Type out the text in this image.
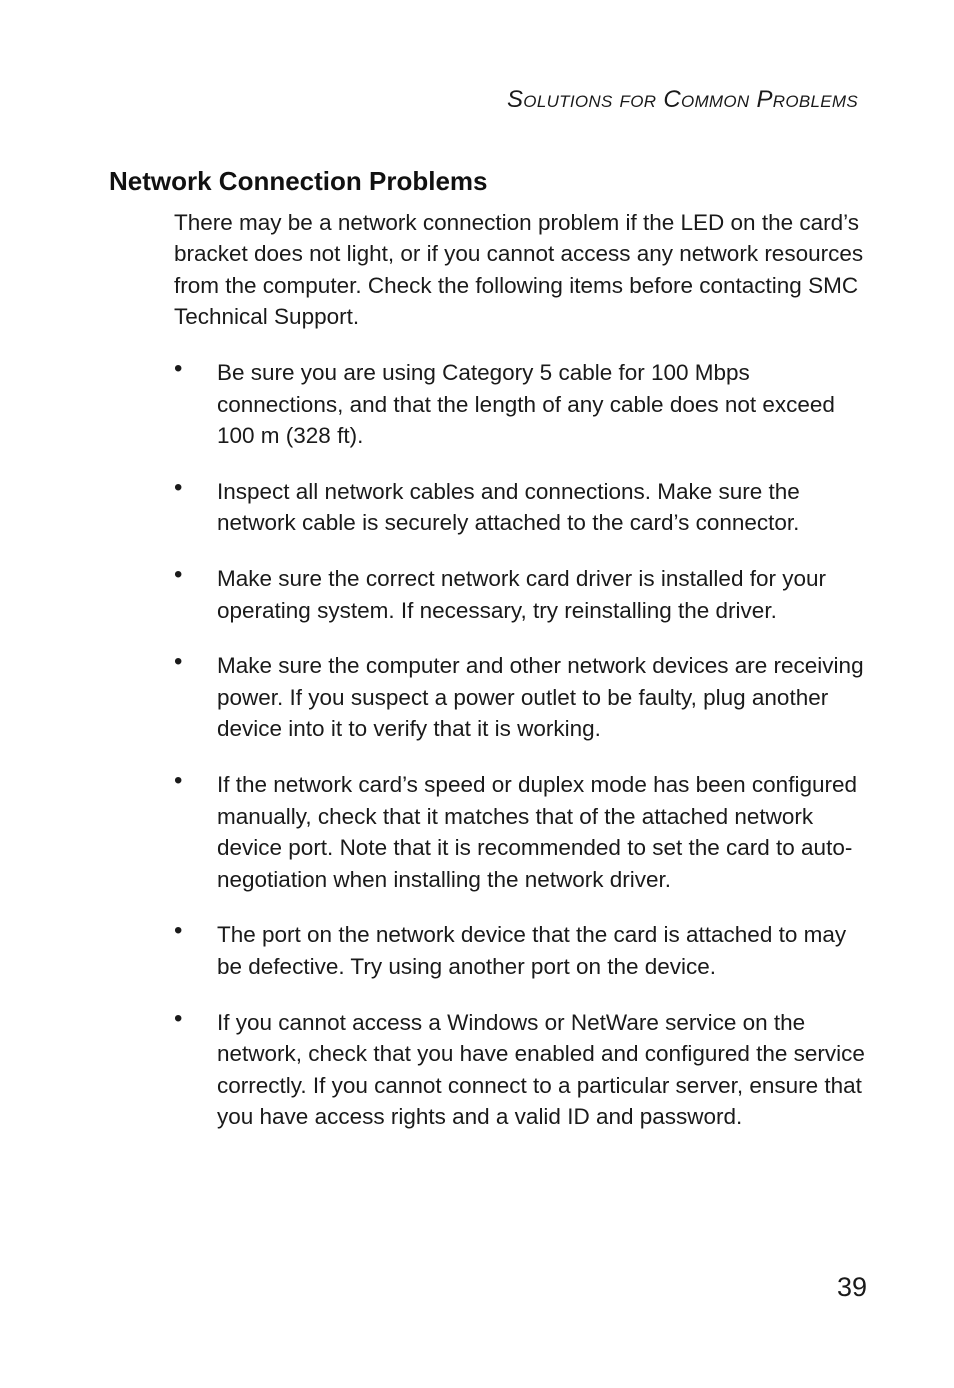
Solutions for Common Problems
Network Connection Problems

There may be a network connection problem if the LED on the card’s bracket does not light, or if you cannot access any network resources from the computer. Check the following items before contacting SMC Technical Support.

• Be sure you are using Category 5 cable for 100 Mbps connections, and that the length of any cable does not exceed 100 m (328 ft).
• Inspect all network cables and connections. Make sure the network cable is securely attached to the card’s connector.
• Make sure the correct network card driver is installed for your operating system. If necessary, try reinstalling the driver.
• Make sure the computer and other network devices are receiving power. If you suspect a power outlet to be faulty, plug another device into it to verify that it is working.
• If the network card’s speed or duplex mode has been configured manually, check that it matches that of the attached network device port. Note that it is recommended to set the card to auto-negotiation when installing the network driver.
• The port on the network device that the card is attached to may be defective. Try using another port on the device.
• If you cannot access a Windows or NetWare service on the network, check that you have enabled and configured the service correctly. If you cannot connect to a particular server, ensure that you have access rights and a valid ID and password.
39
